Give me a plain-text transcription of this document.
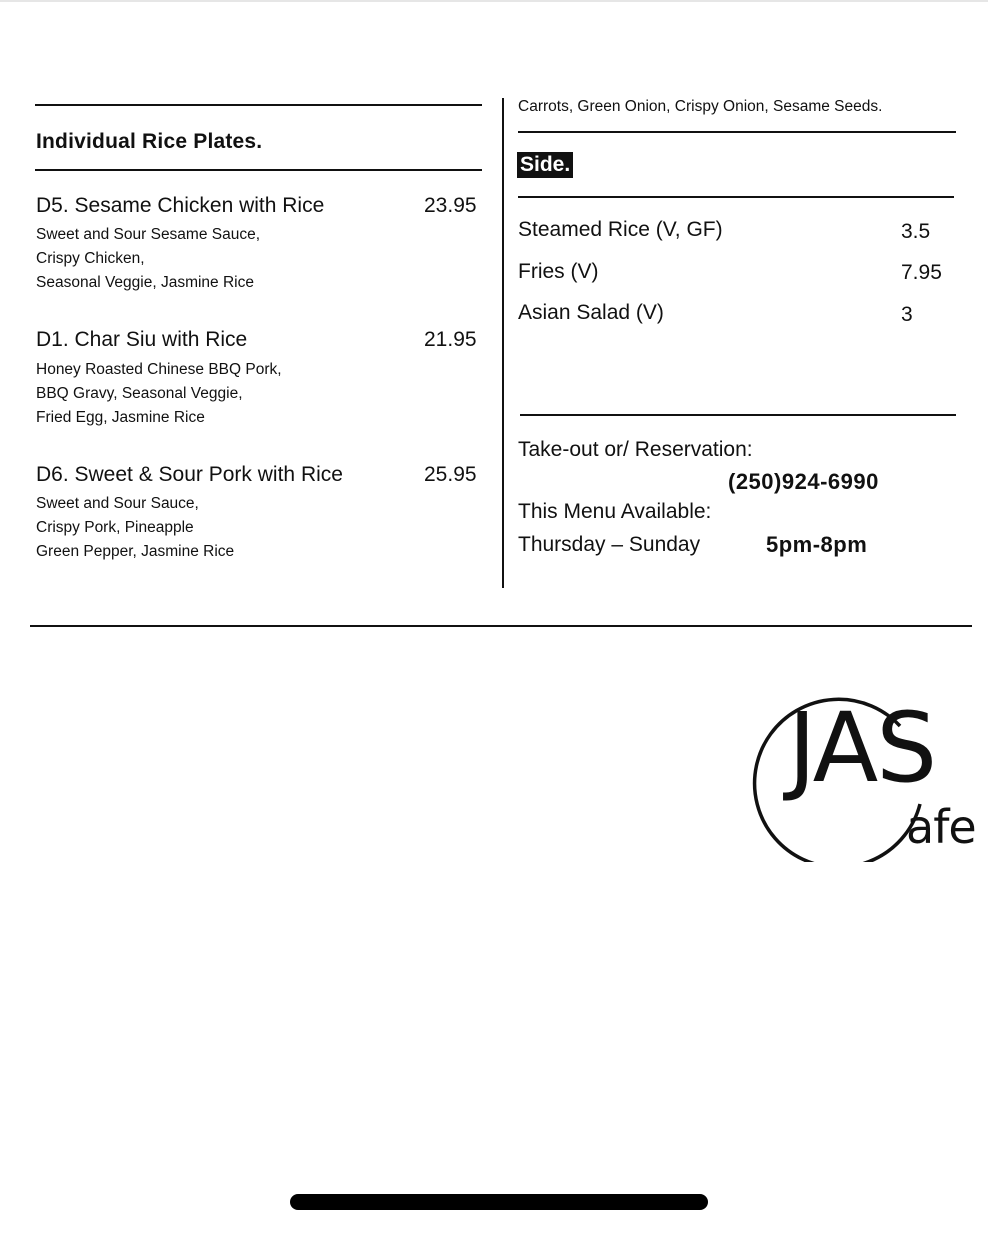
Individual Rice Plates.
D5. Sesame Chicken with Rice	23.95
Sweet and Sour Sesame Sauce,
Crispy Chicken,
Seasonal Veggie, Jasmine Rice
D1. Char Siu with Rice	21.95
Honey Roasted Chinese BBQ Pork,
BBQ Gravy, Seasonal Veggie,
Fried Egg, Jasmine Rice
D6. Sweet & Sour Pork with Rice	25.95
Sweet and Sour Sauce,
Crispy Pork, Pineapple
Green Pepper, Jasmine Rice
Carrots, Green Onion, Crispy Onion, Sesame Seeds.
Side.
Steamed Rice (V, GF)	3.5
Fries (V)	7.95
Asian Salad (V)	3
Take-out or/ Reservation:
(250)924-6990
This Menu Available:
Thursday – Sunday	5pm-8pm
JAS
afe
